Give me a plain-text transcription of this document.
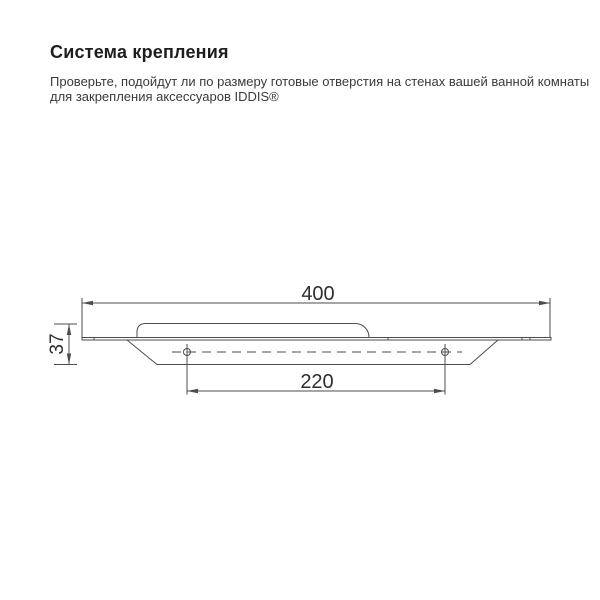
Система крепления

Проверьте, подойдут ли по размеру готовые отверстия на стенах вашей ванной комнаты
для закрепления аксессуаров IDDIS®

400
220
37
